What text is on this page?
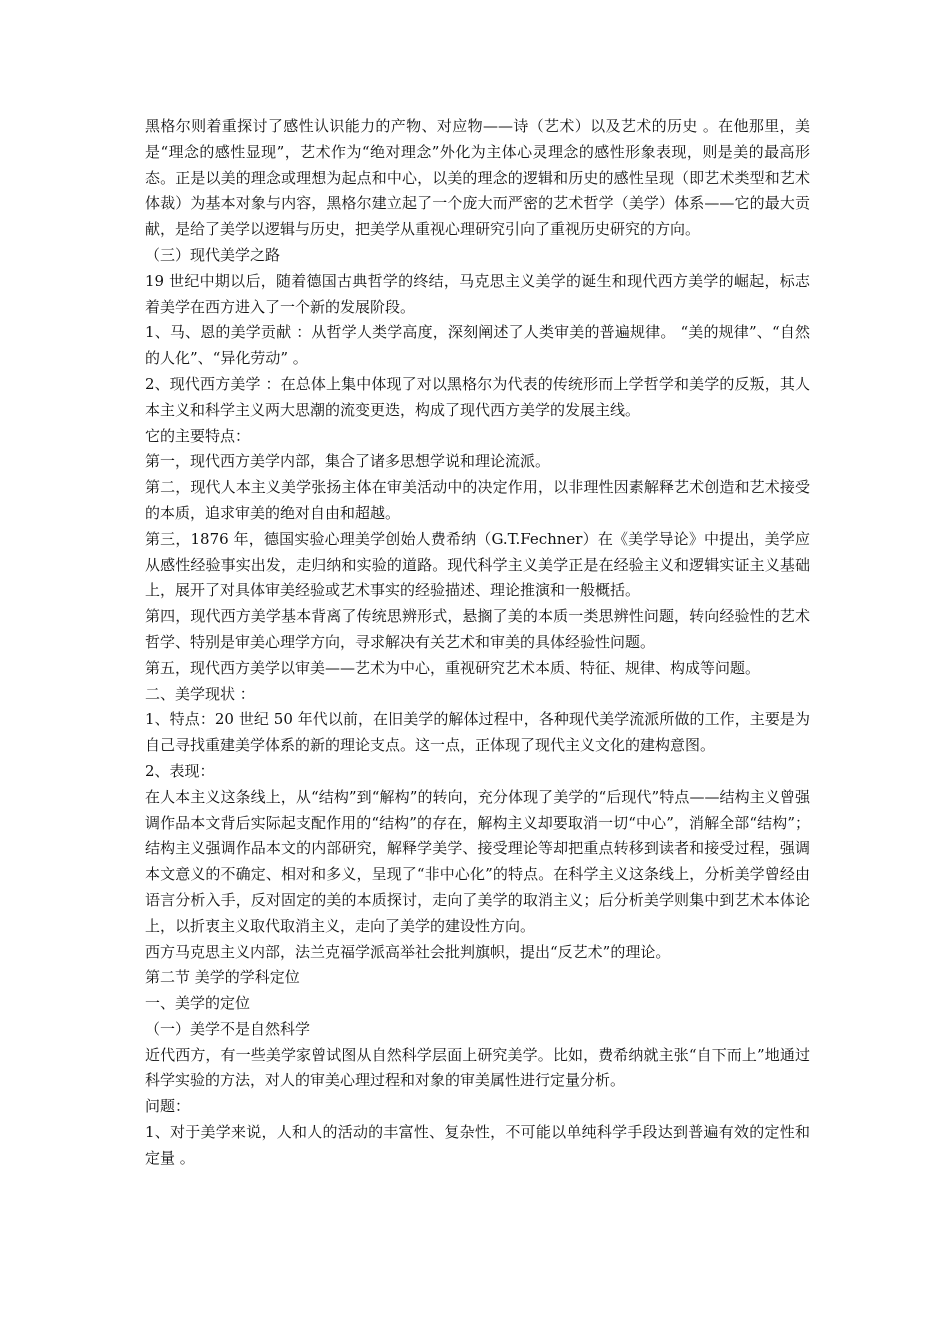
黑格尔则着重探讨了感性认识能力的产物、对应物——诗（艺术）以及艺术的历史 。在他那里，美是“理念的感性显现”，艺术作为“绝对理念”外化为主体心灵理念的感性形象表现，则是美的最高形态。正是以美的理念或理想为起点和中心，以美的理念的逻辑和历史的感性呈现（即艺术类型和艺术体裁）为基本对象与内容，黑格尔建立起了一个庞大而严密的艺术哲学（美学）体系——它的最大贡献，是给了美学以逻辑与历史，把美学从重视心理研究引向了重视历史研究的方向。

（三）现代美学之路

19 世纪中期以后，随着德国古典哲学的终结，马克思主义美学的诞生和现代西方美学的崛起，标志着美学在西方进入了一个新的发展阶段。

1、马、恩的美学贡献 ：从哲学人类学高度，深刻阐述了人类审美的普遍规律。 “美的规律”、“自然的人化”、“异化劳动” 。

2、现代西方美学 ：在总体上集中体现了对以黑格尔为代表的传统形而上学哲学和美学的反叛，其人本主义和科学主义两大思潮的流变更迭，构成了现代西方美学的发展主线。

它的主要特点：

第一，现代西方美学内部，集合了诸多思想学说和理论流派。

第二，现代人本主义美学张扬主体在审美活动中的决定作用，以非理性因素解释艺术创造和艺术接受的本质，追求审美的绝对自由和超越。

第三，1876 年，德国实验心理美学创始人费希纳（G.T.Fechner）在《美学导论》中提出，美学应从感性经验事实出发，走归纳和实验的道路。现代科学主义美学正是在经验主义和逻辑实证主义基础上，展开了对具体审美经验或艺术事实的经验描述、理论推演和一般概括。

第四，现代西方美学基本背离了传统思辨形式，悬搁了美的本质一类思辨性问题，转向经验性的艺术哲学、特别是审美心理学方向，寻求解决有关艺术和审美的具体经验性问题。

第五，现代西方美学以审美——艺术为中心，重视研究艺术本质、特征、规律、构成等问题。

二、美学现状 ：

1、特点：20 世纪 50 年代以前，在旧美学的解体过程中，各种现代美学流派所做的工作，主要是为自己寻找重建美学体系的新的理论支点。这一点，正体现了现代主义文化的建构意图。

2、表现：

在人本主义这条线上，从“结构”到“解构”的转向，充分体现了美学的“后现代”特点——结构主义曾强调作品本文背后实际起支配作用的“结构”的存在，解构主义却要取消一切“中心”，消解全部“结构”；结构主义强调作品本文的内部研究，解释学美学、接受理论等却把重点转移到读者和接受过程，强调本文意义的不确定、相对和多义，呈现了“非中心化”的特点。在科学主义这条线上，分析美学曾经由语言分析入手，反对固定的美的本质探讨，走向了美学的取消主义；后分析美学则集中到艺术本体论上，以折衷主义取代取消主义，走向了美学的建设性方向。

西方马克思主义内部，法兰克福学派高举社会批判旗帜，提出“反艺术”的理论。

第二节 美学的学科定位

一、美学的定位

（一）美学不是自然科学

近代西方，有一些美学家曾试图从自然科学层面上研究美学。比如，费希纳就主张“自下而上”地通过科学实验的方法，对人的审美心理过程和对象的审美属性进行定量分析。

问题：

1、对于美学来说，人和人的活动的丰富性、复杂性，不可能以单纯科学手段达到普遍有效的定性和定量 。
